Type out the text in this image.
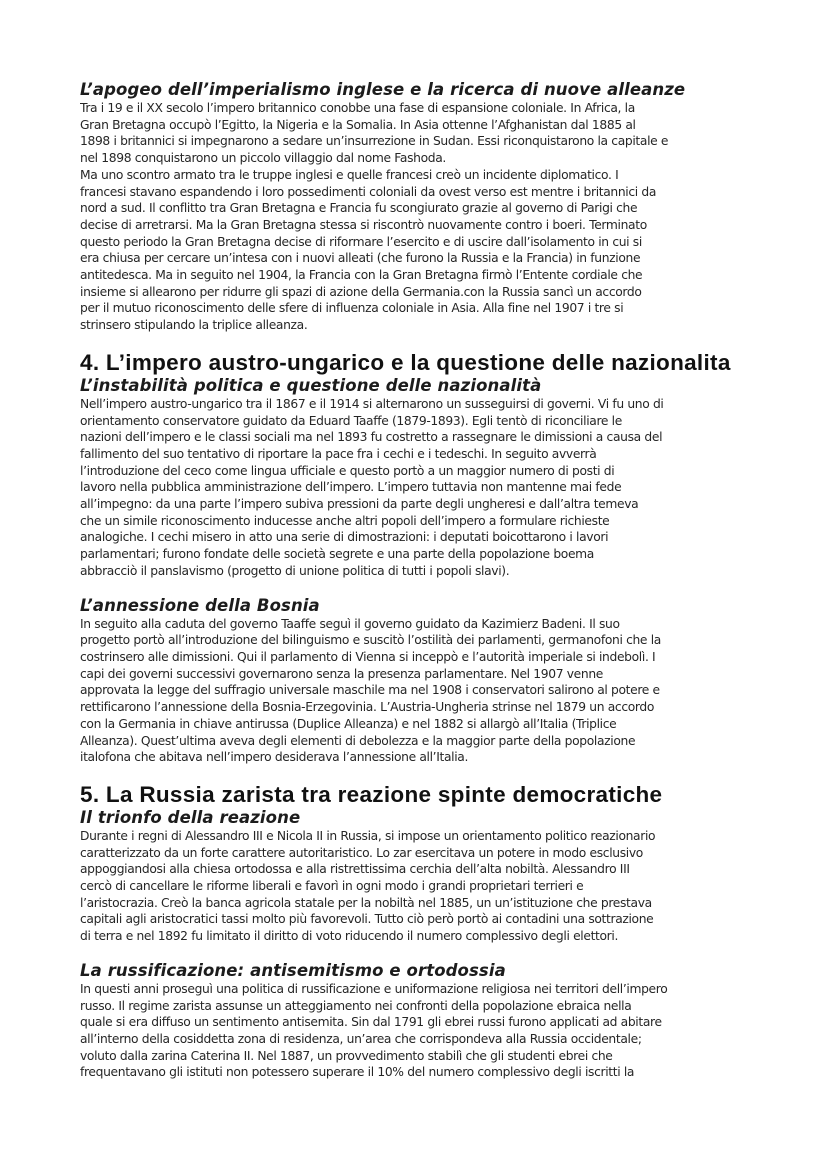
L’apogeo dell’imperialismo inglese e la ricerca di nuove alleanze

Tra i 19 e il XX secolo l’impero britannico conobbe una fase di espansione coloniale. In Africa, la
Gran Bretagna occupò l’Egitto, la Nigeria e la Somalia. In Asia ottenne l’Afghanistan dal 1885 al
1898 i britannici si impegnarono a sedare un’insurrezione in Sudan. Essi riconquistarono la capitale e
nel 1898 conquistarono un piccolo villaggio dal nome Fashoda.
Ma uno scontro armato tra le truppe inglesi e quelle francesi creò un incidente diplomatico. I
francesi stavano espandendo i loro possedimenti coloniali da ovest verso est mentre i britannici da
nord a sud. Il conflitto tra Gran Bretagna e Francia fu scongiurato grazie al governo di Parigi che
decise di arretrarsi. Ma la Gran Bretagna stessa si riscontrò nuovamente contro i boeri. Terminato
questo periodo la Gran Bretagna decise di riformare l’esercito e di uscire dall’isolamento in cui si
era chiusa per cercare un’intesa con i nuovi alleati (che furono la Russia e la Francia) in funzione
antitedesca. Ma in seguito nel 1904, la Francia con la Gran Bretagna firmò l’Entente cordiale che
insieme si allearono per ridurre gli spazi di azione della Germania.con la Russia sancì un accordo
per il mutuo riconoscimento delle sfere di influenza coloniale in Asia. Alla fine nel 1907 i tre si
strinsero stipulando la triplice alleanza.

4. L’impero austro-ungarico e la questione delle nazionalita
L’instabilità politica e questione delle nazionalità

Nell’impero austro-ungarico tra il 1867 e il 1914 si alternarono un susseguirsi di governi. Vi fu uno di
orientamento conservatore guidato da Eduard Taaffe (1879-1893). Egli tentò di riconciliare le
nazioni dell’impero e le classi sociali ma nel 1893 fu costretto a rassegnare le dimissioni a causa del
fallimento del suo tentativo di riportare la pace fra i cechi e i tedeschi. In seguito avverrà
l’introduzione del ceco come lingua ufficiale e questo portò a un maggior numero di posti di
lavoro nella pubblica amministrazione dell’impero. L’impero tuttavia non mantenne mai fede
all’impegno: da una parte l’impero subiva pressioni da parte degli ungheresi e dall’altra temeva
che un simile riconoscimento inducesse anche altri popoli dell’impero a formulare richieste
analogiche. I cechi misero in atto una serie di dimostrazioni: i deputati boicottarono i lavori
parlamentari; furono fondate delle società segrete e una parte della popolazione boema
abbracciò il panslavismo (progetto di unione politica di tutti i popoli slavi).

L’annessione della Bosnia

In seguito alla caduta del governo Taaffe seguì il governo guidato da Kazimierz Badeni. Il suo
progetto portò all’introduzione del bilinguismo e suscitò l’ostilità dei parlamenti, germanofoni che la
costrinsero alle dimissioni. Qui il parlamento di Vienna si inceppò e l’autorità imperiale si indebolì. I
capi dei governi successivi governarono senza la presenza parlamentare. Nel 1907 venne
approvata la legge del suffragio universale maschile ma nel 1908 i conservatori salirono al potere e
rettificarono l’annessione della Bosnia-Erzegovinia. L’Austria-Ungheria strinse nel 1879 un accordo
con la Germania in chiave antirussa (Duplice Alleanza) e nel 1882 si allargò all’Italia (Triplice
Alleanza). Quest’ultima aveva degli elementi di debolezza e la maggior parte della popolazione
italofona che abitava nell’impero desiderava l’annessione all’Italia.

5. La Russia zarista tra reazione spinte democratiche
Il trionfo della reazione

Durante i regni di Alessandro III e Nicola II in Russia, si impose un orientamento politico reazionario
caratterizzato da un forte carattere autoritaristico. Lo zar esercitava un potere in modo esclusivo
appoggiandosi alla chiesa ortodossa e alla ristrettissima cerchia dell’alta nobiltà. Alessandro III
cercò di cancellare le riforme liberali e favorì in ogni modo i grandi proprietari terrieri e
l’aristocrazia. Creò la banca agricola statale per la nobiltà nel 1885, un un’istituzione che prestava
capitali agli aristocratici tassi molto più favorevoli. Tutto ciò però portò ai contadini una sottrazione
di terra e nel 1892 fu limitato il diritto di voto riducendo il numero complessivo degli elettori.

La russificazione: antisemitismo e ortodossia

In questi anni proseguì una politica di russificazione e uniformazione religiosa nei territori dell’impero
russo. Il regime zarista assunse un atteggiamento nei confronti della popolazione ebraica nella
quale si era diffuso un sentimento antisemita. Sin dal 1791 gli ebrei russi furono applicati ad abitare
all’interno della cosiddetta zona di residenza, un’area che corrispondeva alla Russia occidentale;
voluto dalla zarina Caterina II. Nel 1887, un provvedimento stabilì che gli studenti ebrei che
frequentavano gli istituti non potessero superare il 10% del numero complessivo degli iscritti la
